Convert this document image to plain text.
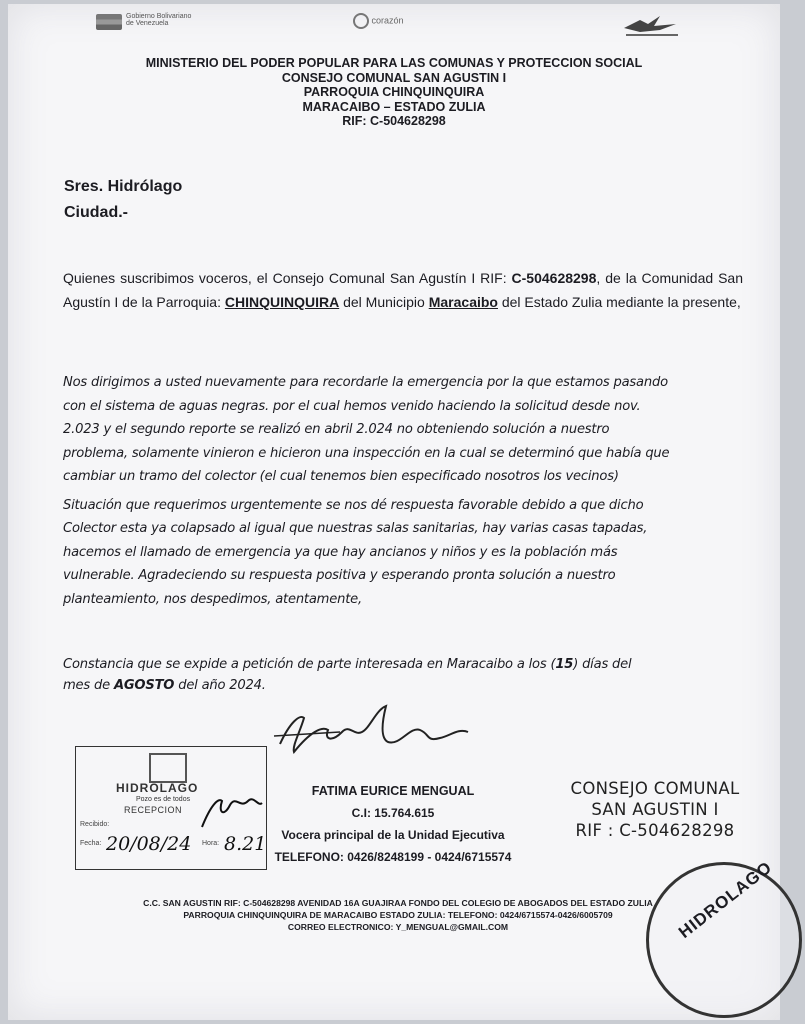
Gobierno Bolivariano de Venezuela	corazón
MINISTERIO DEL PODER POPULAR PARA LAS COMUNAS Y PROTECCION SOCIAL
CONSEJO COMUNAL SAN AGUSTIN I
PARROQUIA CHINQUINQUIRA
MARACAIBO – ESTADO ZULIA
RIF: C-504628298
Sres. Hidrólago
Ciudad.-
Quienes suscribimos voceros, el Consejo Comunal San Agustín I RIF: C-504628298, de la Comunidad San Agustín I de la Parroquia: CHINQUINQUIRA del Municipio Maracaibo del Estado Zulia mediante la presente,
Nos dirigimos a usted nuevamente para recordarle la emergencia por la que estamos pasando
con el sistema de aguas negras. por el cual hemos venido haciendo la solicitud desde nov.
2.023 y el segundo reporte se realizó en abril 2.024 no obteniendo solución a nuestro
problema, solamente vinieron e hicieron una inspección en la cual se determinó que había que
cambiar un tramo del colector (el cual tenemos bien especificado nosotros los vecinos)
Situación que requerimos urgentemente se nos dé respuesta favorable debido a que dicho
Colector esta ya colapsado al igual que nuestras salas sanitarias, hay varias casas tapadas,
hacemos el llamado de emergencia ya que hay ancianos y niños y es la población más
vulnerable. Agradeciendo su respuesta positiva y esperando pronta solución a nuestro
planteamiento, nos despedimos, atentamente,
Constancia que se expide a petición de parte interesada en Maracaibo a los (15) días del
mes de AGOSTO del año 2024.
HIDROLAGO
Pozo es de todos
RECEPCION
Recibido:
Fecha:	Hora:
20/08/24 8.21
FATIMA EURICE MENGUAL
C.I: 15.764.615
Vocera principal de la Unidad Ejecutiva
TELEFONO: 0426/8248199 - 0424/6715574
CONSEJO COMUNAL
SAN AGUSTIN I
RIF : C-504628298
C.C. SAN AGUSTIN RIF: C-504628298 AVENIDAD 16A GUAJIRAA FONDO DEL COLEGIO DE ABOGADOS DEL ESTADO ZULIA
PARROQUIA CHINQUINQUIRA DE MARACAIBO ESTADO ZULIA: TELEFONO: 0424/6715574-0426/6005709
CORREO ELECTRONICO: Y_MENGUAL@GMAIL.COM	HIDROLAGO
